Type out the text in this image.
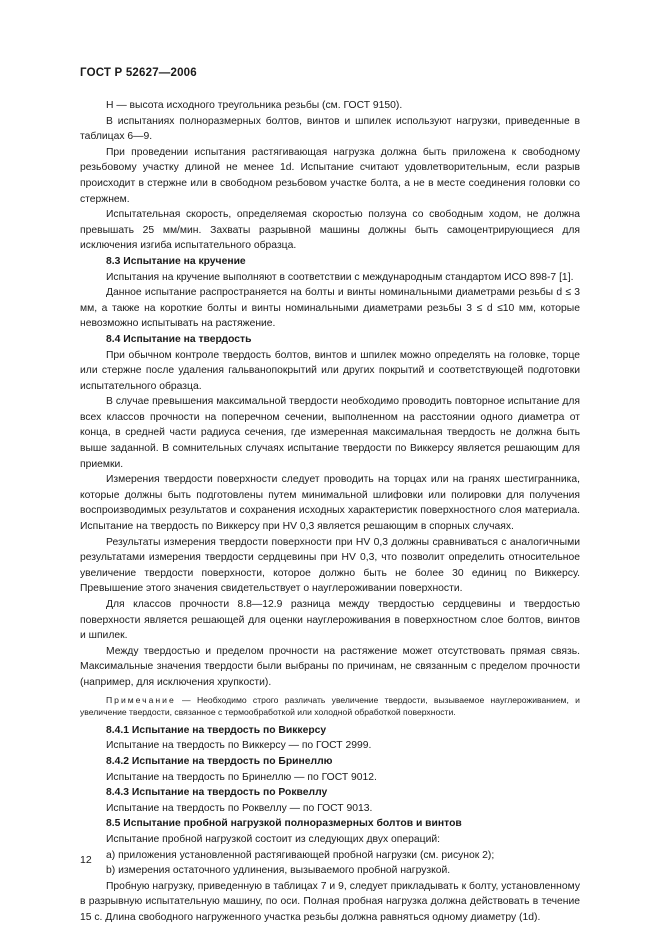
ГОСТ Р 52627—2006

H — высота исходного треугольника резьбы (см. ГОСТ 9150).

В испытаниях полноразмерных болтов, винтов и шпилек используют нагрузки, приведенные в таблицах 6—9.

При проведении испытания растягивающая нагрузка должна быть приложена к свободному резьбовому участку длиной не менее 1d. Испытание считают удовлетворительным, если разрыв происходит в стержне или в свободном резьбовом участке болта, а не в месте соединения головки со стержнем.

Испытательная скорость, определяемая скоростью ползуна со свободным ходом, не должна превышать 25 мм/мин. Захваты разрывной машины должны быть самоцентрирующиеся для исключения изгиба испытательного образца.

8.3 Испытание на кручение

Испытания на кручение выполняют в соответствии с международным стандартом ИСО 898-7 [1].

Данное испытание распространяется на болты и винты номинальными диаметрами резьбы d ≤ 3 мм, а также на короткие болты и винты номинальными диаметрами резьбы 3 ≤ d ≤10 мм, которые невозможно испытывать на растяжение.

8.4 Испытание на твердость

При обычном контроле твердость болтов, винтов и шпилек можно определять на головке, торце или стержне после удаления гальванопокрытий или других покрытий и соответствующей подготовки испытательного образца.

В случае превышения максимальной твердости необходимо проводить повторное испытание для всех классов прочности на поперечном сечении, выполненном на расстоянии одного диаметра от конца, в средней части радиуса сечения, где измеренная максимальная твердость не должна быть выше заданной. В сомнительных случаях испытание твердости по Виккерсу является решающим для приемки.

Измерения твердости поверхности следует проводить на торцах или на гранях шестигранника, которые должны быть подготовлены путем минимальной шлифовки или полировки для получения воспроизводимых результатов и сохранения исходных характеристик поверхностного слоя материала. Испытание на твердость по Виккерсу при HV 0,3 является решающим в спорных случаях.

Результаты измерения твердости поверхности при HV 0,3 должны сравниваться с аналогичными результатами измерения твердости сердцевины при HV 0,3, что позволит определить относительное увеличение твердости поверхности, которое должно быть не более 30 единиц по Виккерсу. Превышение этого значения свидетельствует о науглероживании поверхности.

Для классов прочности 8.8—12.9 разница между твердостью сердцевины и твердостью поверхности является решающей для оценки науглероживания в поверхностном слое болтов, винтов и шпилек.

Между твердостью и пределом прочности на растяжение может отсутствовать прямая связь. Максимальные значения твердости были выбраны по причинам, не связанным с пределом прочности (например, для исключения хрупкости).

Примечание — Необходимо строго различать увеличение твердости, вызываемое науглероживанием, и увеличение твердости, связанное с термообработкой или холодной обработкой поверхности.

8.4.1 Испытание на твердость по Виккерсу

Испытание на твердость по Виккерсу — по ГОСТ 2999.

8.4.2 Испытание на твердость по Бринеллю

Испытание на твердость по Бринеллю — по ГОСТ 9012.

8.4.3 Испытание на твердость по Роквеллу

Испытание на твердость по Роквеллу — по ГОСТ 9013.

8.5 Испытание пробной нагрузкой полноразмерных болтов и винтов

Испытание пробной нагрузкой состоит из следующих двух операций:

а) приложения установленной растягивающей пробной нагрузки (см. рисунок 2);

b) измерения остаточного удлинения, вызываемого пробной нагрузкой.

Пробную нагрузку, приведенную в таблицах 7 и 9, следует прикладывать к болту, установленному в разрывную испытательную машину, по оси. Полная пробная нагрузка должна действовать в течение 15 с. Длина свободного нагруженного участка резьбы должна равняться одному диаметру (1d).

12
